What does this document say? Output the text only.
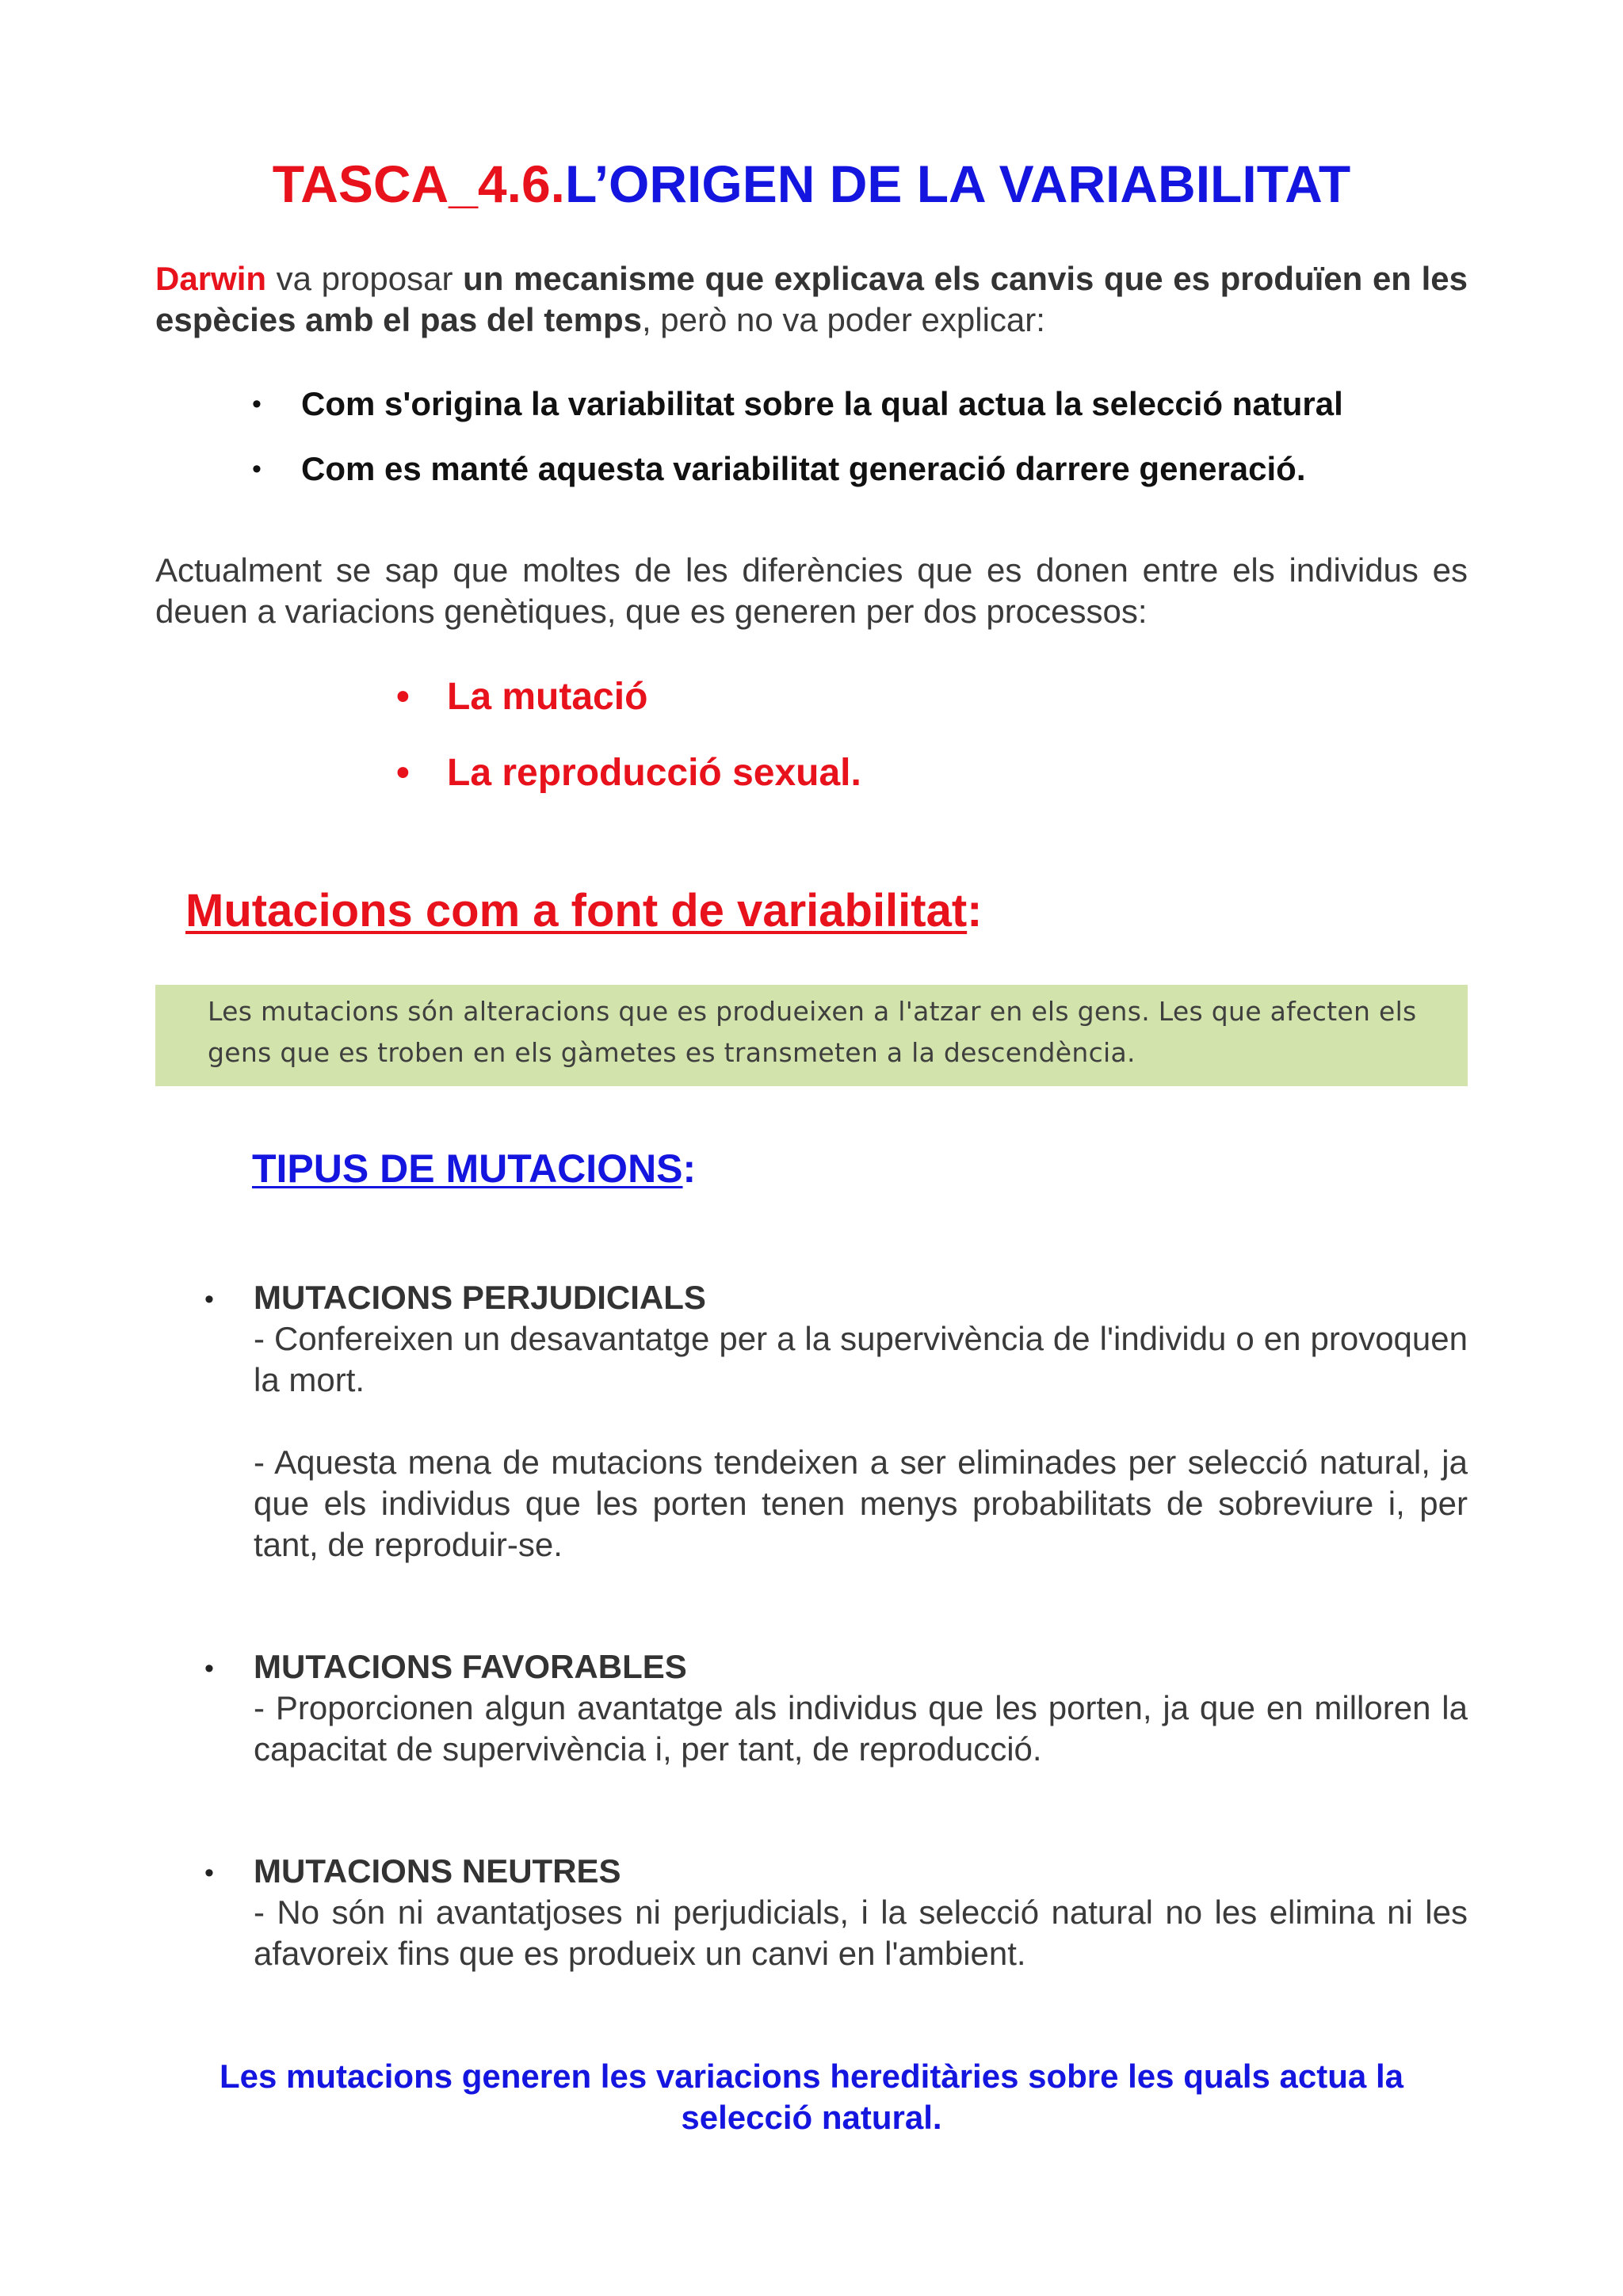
TASCA_4.6.L’ORIGEN DE LA VARIABILITAT

Darwin va proposar un mecanisme que explicava els canvis que es produïen en les espècies amb el pas del temps, però no va poder explicar:

• Com s'origina la variabilitat sobre la qual actua la selecció natural
• Com es manté aquesta variabilitat generació darrere generació.

Actualment se sap que moltes de les diferències que es donen entre els individus es deuen a variacions genètiques, que es generen per dos processos:

• La mutació
• La reproducció sexual.
Mutacions com a font de variabilitat:
Les mutacions són alteracions que es produeixen a l'atzar en els gens. Les que afecten els gens que es troben en els gàmetes es transmeten a la descendència.
TIPUS DE MUTACIONS:
• MUTACIONS PERJUDICIALS

- Confereixen un desavantatge per a la supervivència de l'individu o en provoquen la mort.

- Aquesta mena de mutacions tendeixen a ser eliminades per selecció natural, ja que els individus que les porten tenen menys probabilitats de sobreviure i, per tant, de reproduir-se.

• MUTACIONS FAVORABLES

- Proporcionen algun avantatge als individus que les porten, ja que en milloren la capacitat de supervivència i, per tant, de reproducció.

• MUTACIONS NEUTRES

- No són ni avantatjoses ni perjudicials, i la selecció natural no les elimina ni les afavoreix fins que es produeix un canvi en l'ambient.

Les mutacions generen les variacions hereditàries sobre les quals actua la selecció natural.
